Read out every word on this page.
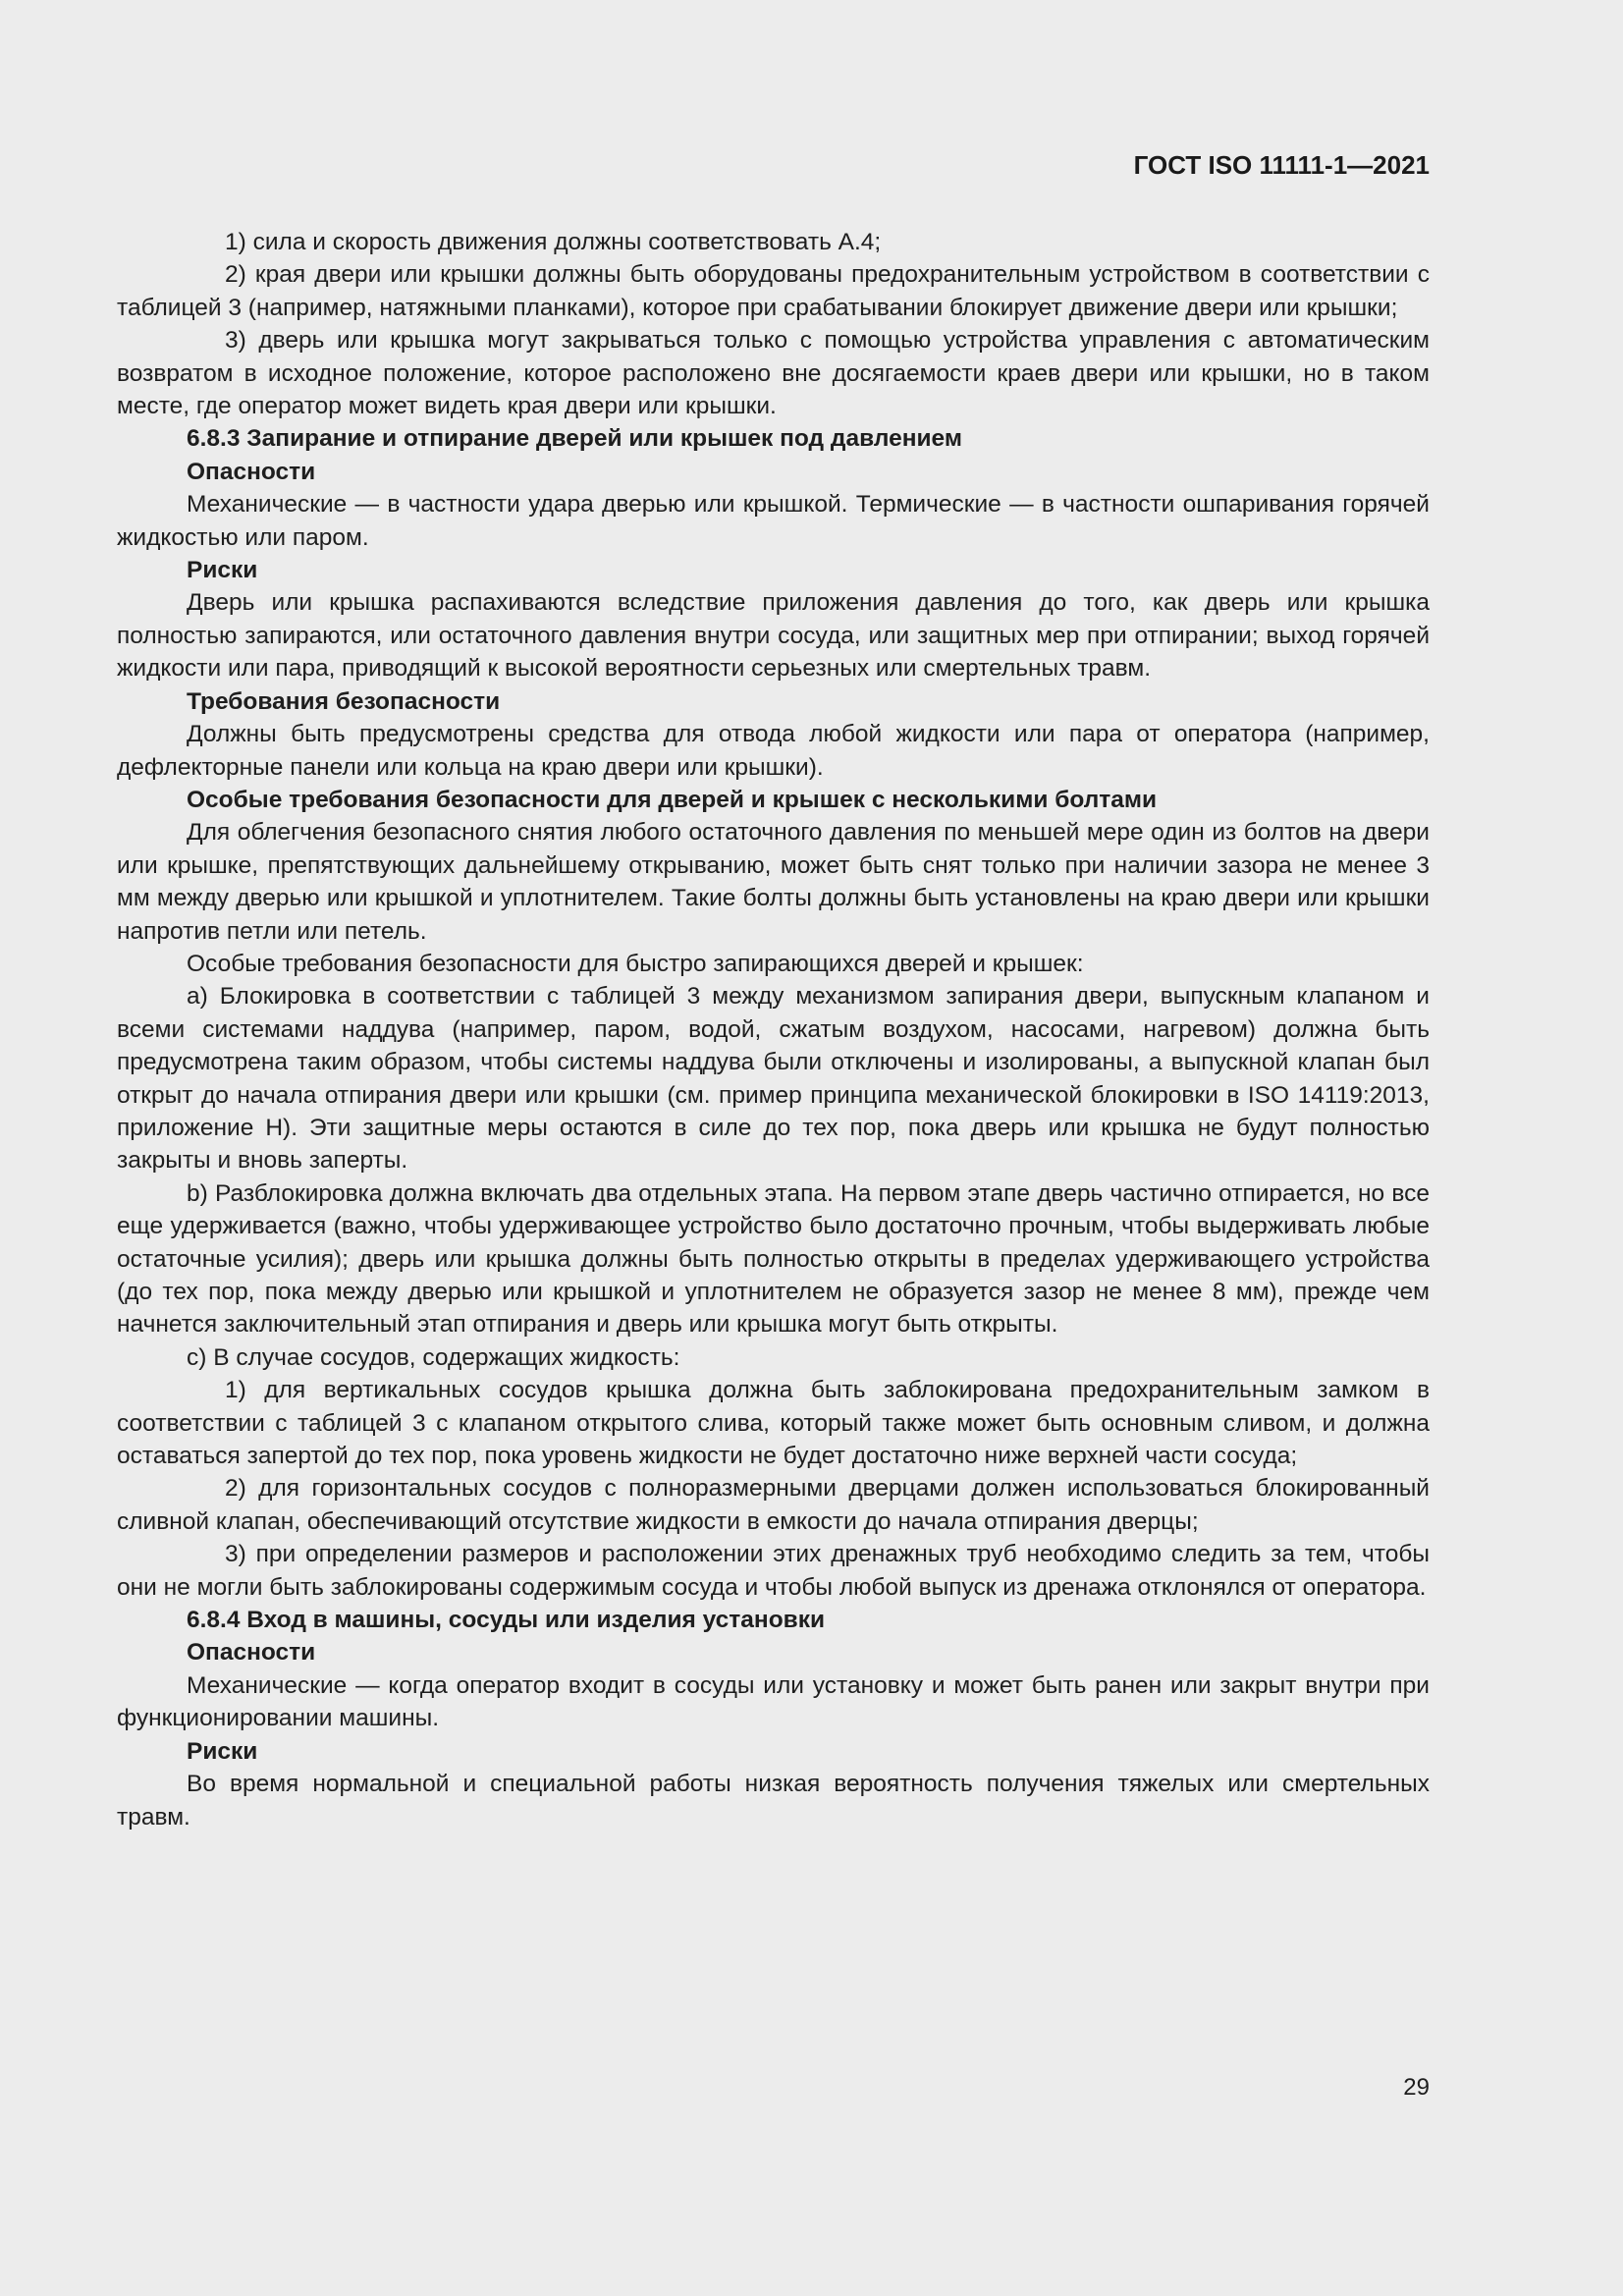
ГОСТ ISO 11111-1—2021

1) сила и скорость движения должны соответствовать А.4;

2) края двери или крышки должны быть оборудованы предохранительным устройством в соответствии с таблицей 3 (например, натяжными планками), которое при срабатывании блокирует движение двери или крышки;

3) дверь или крышка могут закрываться только с помощью устройства управления с автоматическим возвратом в исходное положение, которое расположено вне досягаемости краев двери или крышки, но в таком месте, где оператор может видеть края двери или крышки.

6.8.3 Запирание и отпирание дверей или крышек под давлением

Опасности

Механические — в частности удара дверью или крышкой. Термические — в частности ошпаривания горячей жидкостью или паром.

Риски

Дверь или крышка распахиваются вследствие приложения давления до того, как дверь или крышка полностью запираются, или остаточного давления внутри сосуда, или защитных мер при отпирании; выход горячей жидкости или пара, приводящий к высокой вероятности серьезных или смертельных травм.

Требования безопасности

Должны быть предусмотрены средства для отвода любой жидкости или пара от оператора (например, дефлекторные панели или кольца на краю двери или крышки).

Особые требования безопасности для дверей и крышек с несколькими болтами

Для облегчения безопасного снятия любого остаточного давления по меньшей мере один из болтов на двери или крышке, препятствующих дальнейшему открыванию, может быть снят только при наличии зазора не менее 3 мм между дверью или крышкой и уплотнителем. Такие болты должны быть установлены на краю двери или крышки напротив петли или петель.

Особые требования безопасности для быстро запирающихся дверей и крышек:

a) Блокировка в соответствии с таблицей 3 между механизмом запирания двери, выпускным клапаном и всеми системами наддува (например, паром, водой, сжатым воздухом, насосами, нагревом) должна быть предусмотрена таким образом, чтобы системы наддува были отключены и изолированы, а выпускной клапан был открыт до начала отпирания двери или крышки (см. пример принципа механической блокировки в ISO 14119:2013, приложение H). Эти защитные меры остаются в силе до тех пор, пока дверь или крышка не будут полностью закрыты и вновь заперты.

b) Разблокировка должна включать два отдельных этапа. На первом этапе дверь частично отпирается, но все еще удерживается (важно, чтобы удерживающее устройство было достаточно прочным, чтобы выдерживать любые остаточные усилия); дверь или крышка должны быть полностью открыты в пределах удерживающего устройства (до тех пор, пока между дверью или крышкой и уплотнителем не образуется зазор не менее 8 мм), прежде чем начнется заключительный этап отпирания и дверь или крышка могут быть открыты.

c) В случае сосудов, содержащих жидкость:

1) для вертикальных сосудов крышка должна быть заблокирована предохранительным замком в соответствии с таблицей 3 с клапаном открытого слива, который также может быть основным сливом, и должна оставаться запертой до тех пор, пока уровень жидкости не будет достаточно ниже верхней части сосуда;

2) для горизонтальных сосудов с полноразмерными дверцами должен использоваться блокированный сливной клапан, обеспечивающий отсутствие жидкости в емкости до начала отпирания дверцы;

3) при определении размеров и расположении этих дренажных труб необходимо следить за тем, чтобы они не могли быть заблокированы содержимым сосуда и чтобы любой выпуск из дренажа отклонялся от оператора.

6.8.4 Вход в машины, сосуды или изделия установки

Опасности

Механические — когда оператор входит в сосуды или установку и может быть ранен или закрыт внутри при функционировании машины.

Риски

Во время нормальной и специальной работы низкая вероятность получения тяжелых или смертельных травм.

29
